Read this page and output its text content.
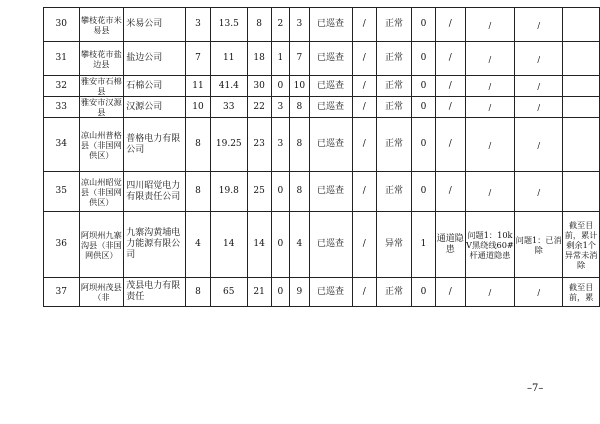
30	攀枝花市米易县	米易公司	3	13.5	8	2	3	已巡查	/	正常	0	/	/	/	
31	攀枝花市盐边县	盐边公司	7	11	18	1	7	已巡查	/	正常	0	/	/	/	
32	雅安市石棉县	石棉公司	11	41.4	30	0	10	已巡查	/	正常	0	/	/	/	
33	雅安市汉源县	汉源公司	10	33	22	3	8	已巡查	/	正常	0	/	/	/	
34	凉山州普格县（非国网供区）	普格电力有限公司	8	19.25	23	3	8	已巡查	/	正常	0	/	/	/	
35	凉山州昭觉县（非国网供区）	四川昭觉电力有限责任公司	8	19.8	25	0	8	已巡查	/	正常	0	/	/	/	
36	阿坝州九寨沟县（非国网供区）	九寨沟黄埔电力能源有限公司	4	14	14	0	4	已巡查	/	异常	1	通道隐患	问题1：10kV黑绕线60#杆通道隐患	问题1：已消除	截至目前，累计剩余1个异常未消除
37	阿坝州茂县（非	茂县电力有限责任	8	65	21	0	9	已巡查	/	正常	0	/	/	/	截至目前，累
–7–
